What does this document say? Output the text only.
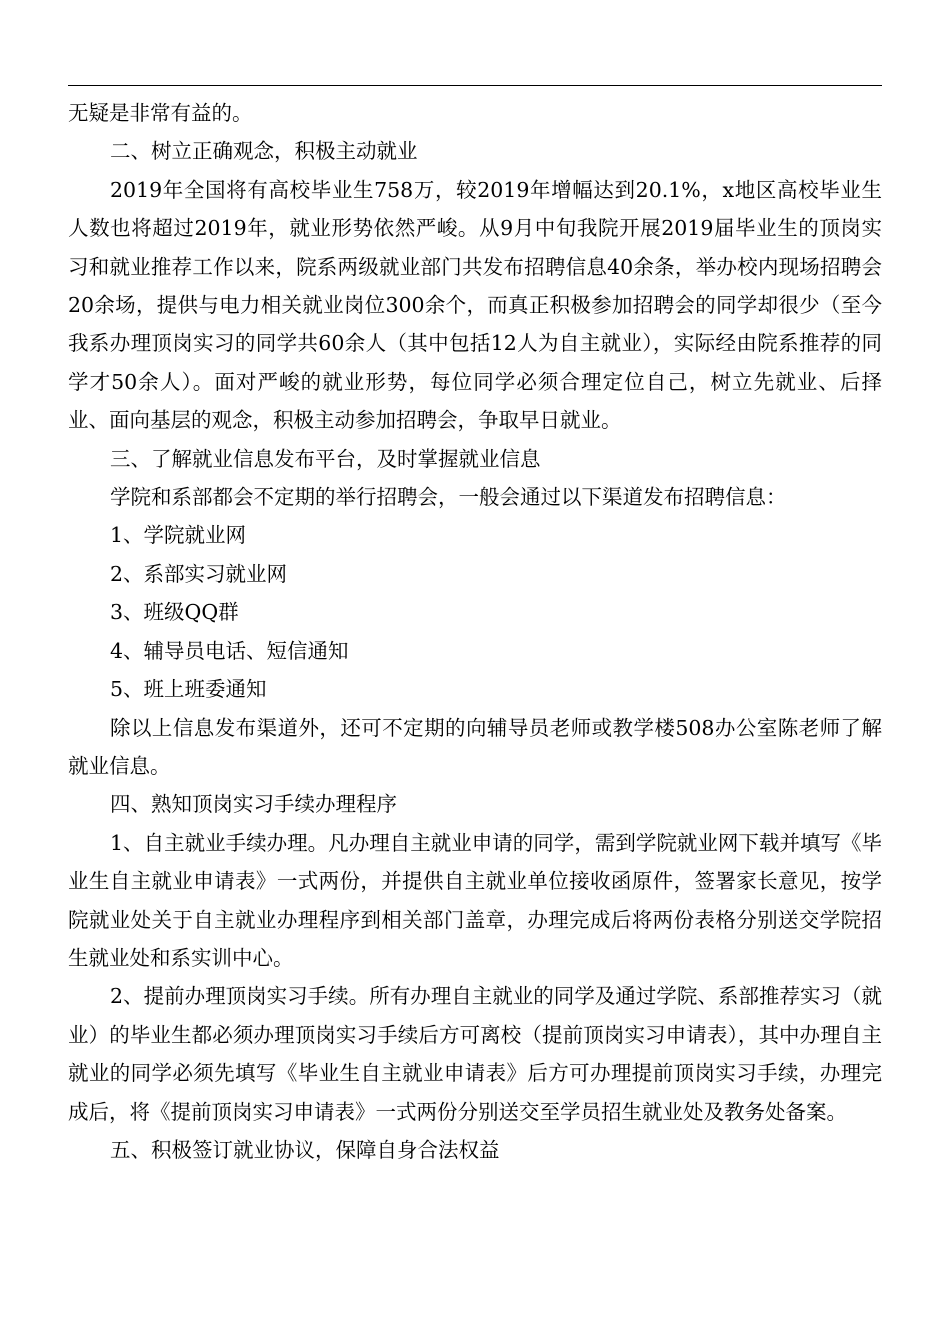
无疑是非常有益的。

二、树立正确观念，积极主动就业

2019年全国将有高校毕业生758万，较2019年增幅达到20.1%，x地区高校毕业生人数也将超过2019年，就业形势依然严峻。从9月中旬我院开展2019届毕业生的顶岗实习和就业推荐工作以来，院系两级就业部门共发布招聘信息40余条，举办校内现场招聘会20余场，提供与电力相关就业岗位300余个，而真正积极参加招聘会的同学却很少（至今我系办理顶岗实习的同学共60余人（其中包括12人为自主就业），实际经由院系推荐的同学才50余人）。面对严峻的就业形势，每位同学必须合理定位自己，树立先就业、后择业、面向基层的观念，积极主动参加招聘会，争取早日就业。

三、了解就业信息发布平台，及时掌握就业信息

学院和系部都会不定期的举行招聘会，一般会通过以下渠道发布招聘信息：

1、学院就业网

2、系部实习就业网

3、班级QQ群

4、辅导员电话、短信通知

5、班上班委通知

除以上信息发布渠道外，还可不定期的向辅导员老师或教学楼508办公室陈老师了解就业信息。

四、熟知顶岗实习手续办理程序

1、自主就业手续办理。凡办理自主就业申请的同学，需到学院就业网下载并填写《毕业生自主就业申请表》一式两份，并提供自主就业单位接收函原件，签署家长意见，按学院就业处关于自主就业办理程序到相关部门盖章，办理完成后将两份表格分别送交学院招生就业处和系实训中心。

2、提前办理顶岗实习手续。所有办理自主就业的同学及通过学院、系部推荐实习（就业）的毕业生都必须办理顶岗实习手续后方可离校（提前顶岗实习申请表），其中办理自主就业的同学必须先填写《毕业生自主就业申请表》后方可办理提前顶岗实习手续，办理完成后，将《提前顶岗实习申请表》一式两份分别送交至学员招生就业处及教务处备案。

五、积极签订就业协议，保障自身合法权益
